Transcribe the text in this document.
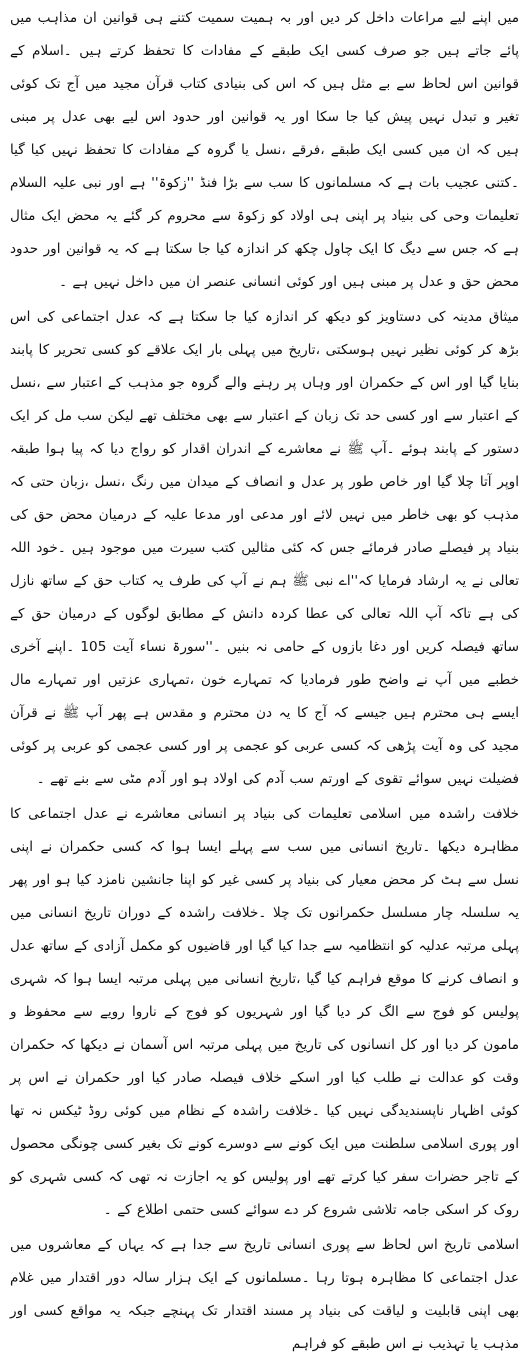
میں اپنے لیے مراعات داخل کر دیں اور بہ ہمیت سمیت کتنے ہی قوانین ان مذاہب میں پائے جاتے ہیں جو صرف کسی ایک طبقے کے مفادات کا تحفظ کرتے ہیں ۔اسلام کے قوانین اس لحاظ سے بے مثل ہیں کہ اس کی بنیادی کتاب قرآن مجید میں آج تک کوئی تغیر و تبدل نہیں پیش کیا جا سکا اور یہ قوانین اور حدود اس لیے بھی عدل پر مبنی ہیں کہ ان میں کسی ایک طبقے ،فرقے ،نسل یا گروہ کے مفادات کا تحفظ نہیں کیا گیا ۔کتنی عجیب بات ہے کہ مسلمانوں کا سب سے بڑا فنڈ ''زکوۃ'' ہے اور نبی علیہ السلام تعلیمات وحی کی بنیاد پر اپنی ہی اولاد کو زکوۃ سے محروم کر گئے یہ محض ایک مثال ہے کہ جس سے دیگ کا ایک چاول چکھ کر اندازہ کیا جا سکتا ہے کہ یہ قوانین اور حدود محض حق و عدل پر مبنی ہیں اور کوئی انسانی عنصر ان میں داخل نہیں ہے ۔

میثاق مدینہ کی دستاویز کو دیکھ کر اندازہ کیا جا سکتا ہے کہ عدل اجتماعی کی اس بڑھ کر کوئی نظیر نہیں ہوسکتی ،تاریخ میں پہلی بار ایک علاقے کو کسی تحریر کا پابند بنایا گیا اور اس کے حکمران اور وہاں پر رہنے والے گروہ جو مذہب کے اعتبار سے ،نسل کے اعتبار سے اور کسی حد تک زبان کے اعتبار سے بھی مختلف تھے لیکن سب مل کر ایک دستور کے پابند ہوئے ۔آپ ﷺ نے معاشرے کے اندران اقدار کو رواج دیا کہ پیا ہوا طبقہ اوپر آتا چلا گیا اور خاص طور پر عدل و انصاف کے میدان میں رنگ ،نسل ،زبان حتی کہ مذہب کو بھی خاطر میں نہیں لائے اور مدعی اور مدعا علیہ کے درمیان محض حق کی بنیاد پر فیصلے صادر فرمائے جس کہ کئی مثالیں کتب سیرت میں موجود ہیں ۔خود اللہ تعالی نے یہ ارشاد فرمایا کہ''اے نبی ﷺ ہم نے آپ کی طرف یہ کتاب حق کے ساتھ نازل کی ہے تاکہ آپ اللہ تعالی کی عطا کردہ دانش کے مطابق لوگوں کے درمیان حق کے ساتھ فیصلہ کریں اور دغا بازوں کے حامی نہ بنیں ۔''سورۃ نساء آیت 105 ۔اپنے آخری خطبے میں آپ نے واضح طور فرمادیا کہ تمہارے خون ،تمہاری عزتیں اور تمہارے مال ایسے ہی محترم ہیں جیسے کہ آج کا یہ دن محترم و مقدس ہے پھر آپ ﷺ نے قرآن مجید کی وہ آیت پڑھی کہ کسی عربی کو عجمی پر اور کسی عجمی کو عربی پر کوئی فضیلت نہیں سوائے تقوی کے اورتم سب آدم کی اولاد ہو اور آدم مٹی سے بنے تھے ۔

خلافت راشدہ میں اسلامی تعلیمات کی بنیاد پر انسانی معاشرے نے عدل اجتماعی کا مظاہرہ دیکھا ۔تاریخ انسانی میں سب سے پہلے ایسا ہوا کہ کسی حکمران نے اپنی نسل سے ہٹ کر محض معیار کی بنیاد پر کسی غیر کو اپنا جانشین نامزد کیا ہو اور پھر یہ سلسلہ چار مسلسل حکمرانوں تک چلا ۔خلافت راشدہ کے دوران تاریخ انسانی میں پہلی مرتبہ عدلیہ کو انتظامیہ سے جدا کیا گیا اور قاضیوں کو مکمل آزادی کے ساتھ عدل و انصاف کرنے کا موقع فراہم کیا گیا ،تاریخ انسانی میں پہلی مرتبہ ایسا ہوا کہ شہری پولیس کو فوج سے الگ کر دیا گیا اور شہریوں کو فوج کے ناروا رویے سے محفوظ و مامون کر دیا اور کل انسانوں کی تاریخ میں پہلی مرتبہ اس آسمان نے دیکھا کہ حکمران وقت کو عدالت نے طلب کیا اور اسکے خلاف فیصلہ صادر کیا اور حکمران نے اس پر کوئی اظہار ناپسندیدگی نہیں کیا ۔خلافت راشدہ کے نظام میں کوئی روڈ ٹیکس نہ تھا اور پوری اسلامی سلطنت میں ایک کونے سے دوسرے کونے تک بغیر کسی چونگی محصول کے تاجر حضرات سفر کیا کرتے تھے اور پولیس کو یہ اجازت نہ تھی کہ کسی شہری کو روک کر اسکی جامہ تلاشی شروع کر دے سوائے کسی حتمی اطلاع کے ۔

اسلامی تاریخ اس لحاظ سے پوری انسانی تاریخ سے جدا ہے کہ یہاں کے معاشروں میں عدل اجتماعی کا مظاہرہ ہوتا رہا ۔مسلمانوں کے ایک ہزار سالہ دور اقتدار میں غلام بھی اپنی قابلیت و لیاقت کی بنیاد پر مسند اقتدار تک پہنچے جبکہ یہ مواقع کسی اور مذہب یا تہذیب نے اس طبقے کو فراہم
